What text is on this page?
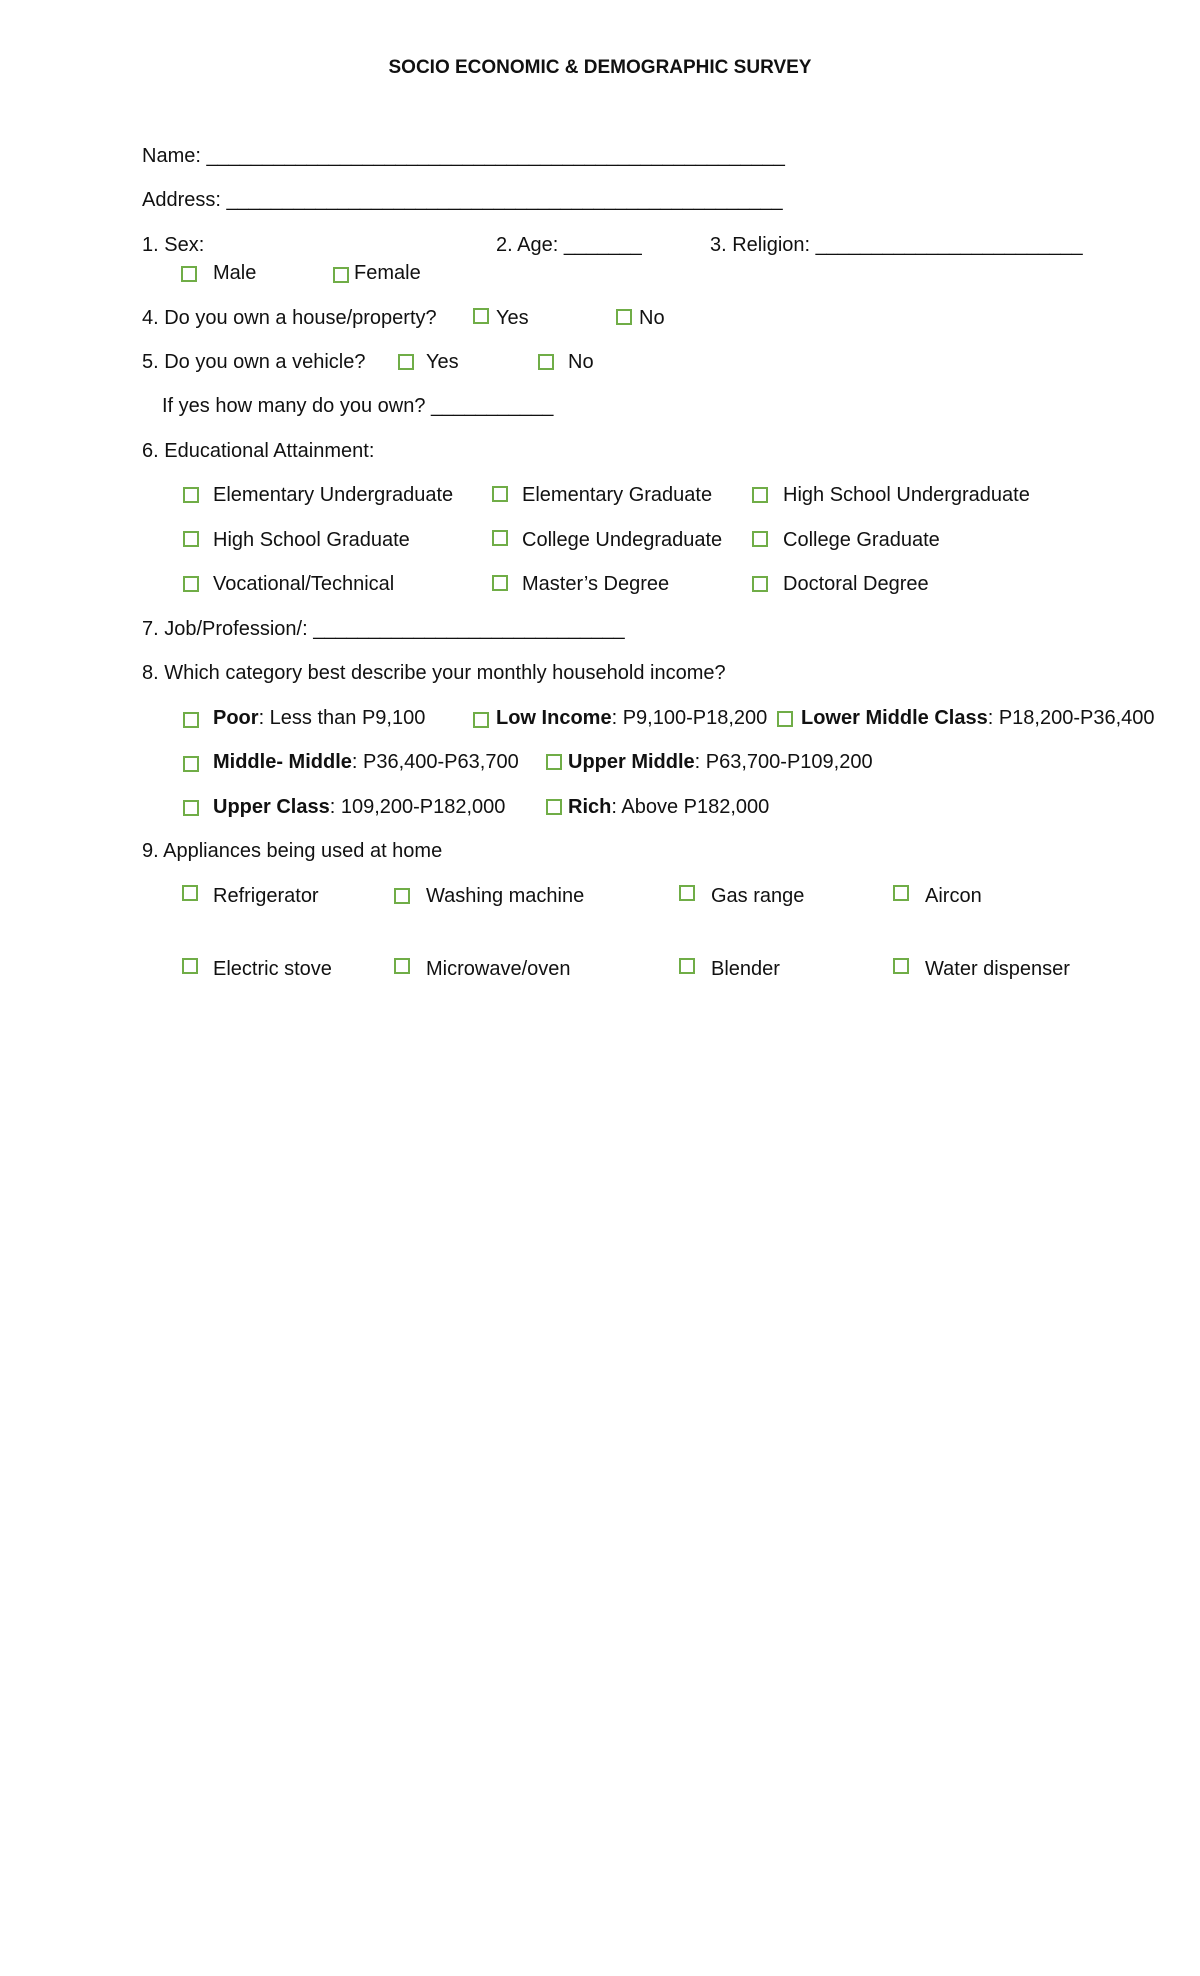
SOCIO ECONOMIC & DEMOGRAPHIC SURVEY
Name: ____________________________________________________
Address: __________________________________________________
1. Sex:
Male	Female
2. Age: _______	3. Religion: ________________________
4. Do you own a house/property?	Yes	No
5. Do you own a vehicle?	Yes	No
If yes how many do you own? ___________
6. Educational Attainment:
Elementary Undergraduate	Elementary Graduate	High School Undergraduate
High School Graduate	College Undegraduate	College Graduate
Vocational/Technical	Master’s Degree	Doctoral Degree
7. Job/Profession/: ____________________________
8. Which category best describe your monthly household income?
Poor: Less than P9,100	Low Income: P9,100-P18,200 Lower Middle Class: P18,200-P36,400
Middle- Middle: P36,400-P63,700 Upper Middle: P63,700-P109,200
Upper Class: 109,200-P182,000	Rich: Above P182,000
9. Appliances being used at home
Refrigerator	Washing machine	Gas range	Aircon
Electric stove	Microwave/oven	Blender	Water dispenser
